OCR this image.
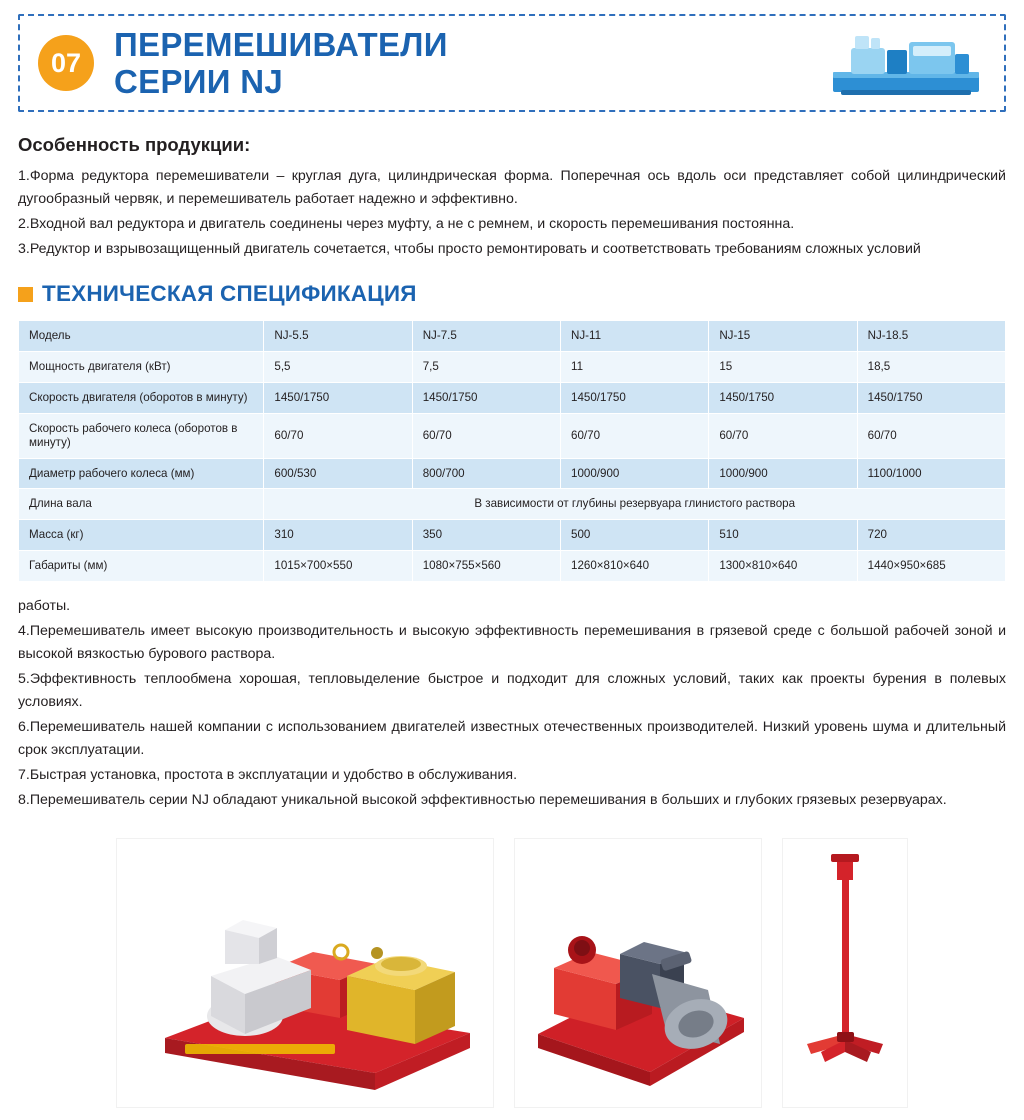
07 ПЕРЕМЕШИВАТЕЛИ
СЕРИИ NJ
Особенность продукции:

1.Форма редуктора перемешиватели – круглая дуга, цилиндрическая форма. Поперечная ось вдоль оси представляет собой цилиндрический дугообразный червяк, и перемешиватель работает надежно и эффективно.

2.Входной вал редуктора и двигатель соединены через муфту, а не с ремнем, и скорость перемешивания постоянна.

3.Редуктор и взрывозащищенный двигатель сочетается, чтобы просто ремонтировать и соответствовать требованиям сложных условий

ТЕХНИЧЕСКАЯ СПЕЦИФИКАЦИЯ
Модель	NJ-5.5	NJ-7.5	NJ-11	NJ-15	NJ-18.5
Мощность двигателя (кВт)	5,5	7,5	11	15	18,5
Скорость двигателя (оборотов в минуту)	1450/1750	1450/1750	1450/1750	1450/1750	1450/1750
Скорость рабочего колеса (оборотов в минуту)	60/70	60/70	60/70	60/70	60/70
Диаметр рабочего колеса (мм)	600/530	800/700	1000/900	1000/900	1100/1000
Длина вала	В зависимости от глубины резервуара глинистого раствора				
Масса (кг)	310	350	500	510	720
Габариты (мм)	1015×700×550	1080×755×560	1260×810×640	1300×810×640	1440×950×685

работы.

4.Перемешиватель имеет высокую производительность и высокую эффективность перемешивания в грязевой среде с большой рабочей зоной и высокой вязкостью бурового раствора.

5.Эффективность теплообмена хорошая, тепловыделение быстрое и подходит для сложных условий, таких как проекты бурения в полевых условиях.

6.Перемешиватель нашей компании с использованием двигателей известных отечественных производителей. Низкий уровень шума и длительный срок эксплуатации.

7.Быстрая установка, простота в эксплуатации и удобство в обслуживания.

8.Перемешиватель серии NJ обладают уникальной высокой эффективностью перемешивания в больших и глубоких грязевых резервуарах.
